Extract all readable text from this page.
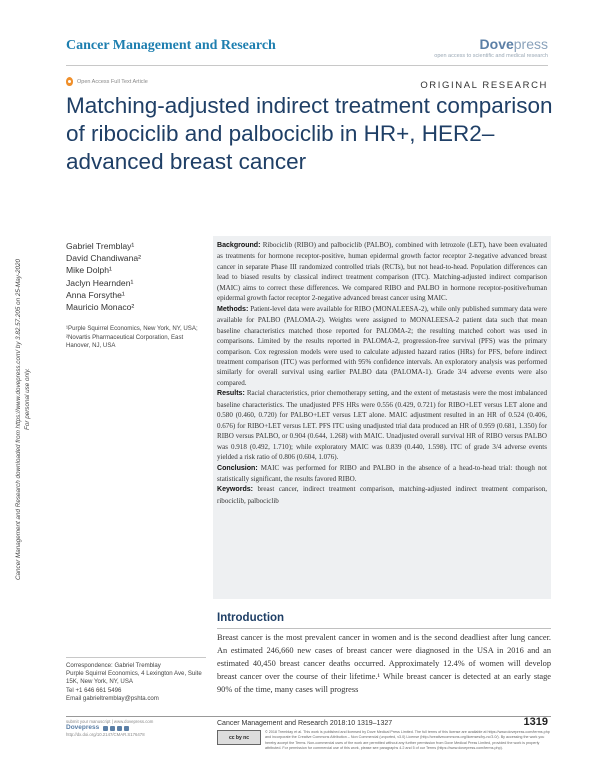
Cancer Management and Research	Dovepress
open access to scientific and medical research
Open Access Full Text Article	ORIGINAL RESEARCH
Matching-adjusted indirect treatment comparison of ribociclib and palbociclib in HR+, HER2– advanced breast cancer
Cancer Management and Research downloaded from https://www.dovepress.com/ by 3.82.57.205 on 25-May-2020 For personal use only.
Gabriel Tremblay¹
David Chandiwana²
Mike Dolph¹
Jaclyn Hearnden¹
Anna Forsythe¹
Mauricio Monaco²
¹Purple Squirrel Economics, New York, NY, USA; ²Novartis Pharmaceutical Corporation, East Hanover, NJ, USA

Background: Ribociclib (RIBO) and palbociclib (PALBO), combined with letrozole (LET), have been evaluated as treatments for hormone receptor-positive, human epidermal growth factor receptor 2-negative advanced breast cancer in separate Phase III randomized controlled trials (RCTs), but not head-to-head. Population differences can lead to biased results by classical indirect treatment comparison (ITC). Matching-adjusted indirect comparison (MAIC) aims to correct these differences. We compared RIBO and PALBO in hormone receptor-positive/human epidermal growth factor receptor 2-negative advanced breast cancer using MAIC.

Methods: Patient-level data were available for RIBO (MONALEESA-2), while only published summary data were available for PALBO (PALOMA-2). Weights were assigned to MONALEESA-2 patient data such that mean baseline characteristics matched those reported for PALOMA-2; the resulting matched cohort was used in comparisons. Limited by the results reported in PALOMA-2, progression-free survival (PFS) was the primary comparison. Cox regression models were used to calculate adjusted hazard ratios (HRs) for PFS, before indirect treatment comparison (ITC) was performed with 95% confidence intervals. An exploratory analysis was performed similarly for overall survival using earlier PALBO data (PALOMA-1). Grade 3/4 adverse events were also compared.

Results: Racial characteristics, prior chemotherapy setting, and the extent of metastasis were the most imbalanced baseline characteristics. The unadjusted PFS HRs were 0.556 (0.429, 0.721) for RIBO+LET versus LET alone and 0.580 (0.460, 0.720) for PALBO+LET versus LET alone. MAIC adjustment resulted in an HR of 0.524 (0.406, 0.676) for RIBO+LET versus LET. PFS ITC using unadjusted trial data produced an HR of 0.959 (0.681, 1.350) for RIBO versus PALBO, or 0.904 (0.644, 1.268) with MAIC. Unadjusted overall survival HR of RIBO versus PALBO was 0.918 (0.492, 1.710); while exploratory MAIC was 0.839 (0.440, 1.598). ITC of grade 3/4 adverse events yielded a risk ratio of 0.806 (0.604, 1.076).

Conclusion: MAIC was performed for RIBO and PALBO in the absence of a head-to-head trial: though not statistically significant, the results favored RIBO.

Keywords: breast cancer, indirect treatment comparison, matching-adjusted indirect treatment comparison, ribociclib, palbociclib

Introduction

Breast cancer is the most prevalent cancer in women and is the second deadliest after lung cancer. An estimated 246,660 new cases of breast cancer were diagnosed in the USA in 2016 and an estimated 40,450 breast cancer deaths occurred. Approximately 12.4% of women will develop breast cancer over the course of their lifetime.¹ While breast cancer is detected at an early stage 90% of the time, many cases will progress

Correspondence: Gabriel Tremblay
Purple Squirrel Economics, 4 Lexington Ave, Suite 15K, New York, NY, USA
Tel +1 646 661 5496
Email gabrieltremblay@pshta.com
submit your manuscript | www.dovepress.com
Dovepress
http://dx.doi.org/10.2147/CMAR.S176478
Cancer Management and Research 2018:10 1319–1327	1319
cc by nc
© 2018 Tremblay et al. This work is published and licensed by Dove Medical Press Limited. The full terms of this license are available at https://www.dovepress.com/terms.php and incorporate the Creative Commons Attribution – Non Commercial (unported, v3.0) License (http://creativecommons.org/licenses/by-nc/3.0/). By accessing the work you hereby accept the Terms. Non-commercial uses of the work are permitted without any further permission from Dove Medical Press Limited, provided the work is properly attributed. For permission for commercial use of this work, please see paragraphs 4.2 and 5 of our Terms (https://www.dovepress.com/terms.php).
